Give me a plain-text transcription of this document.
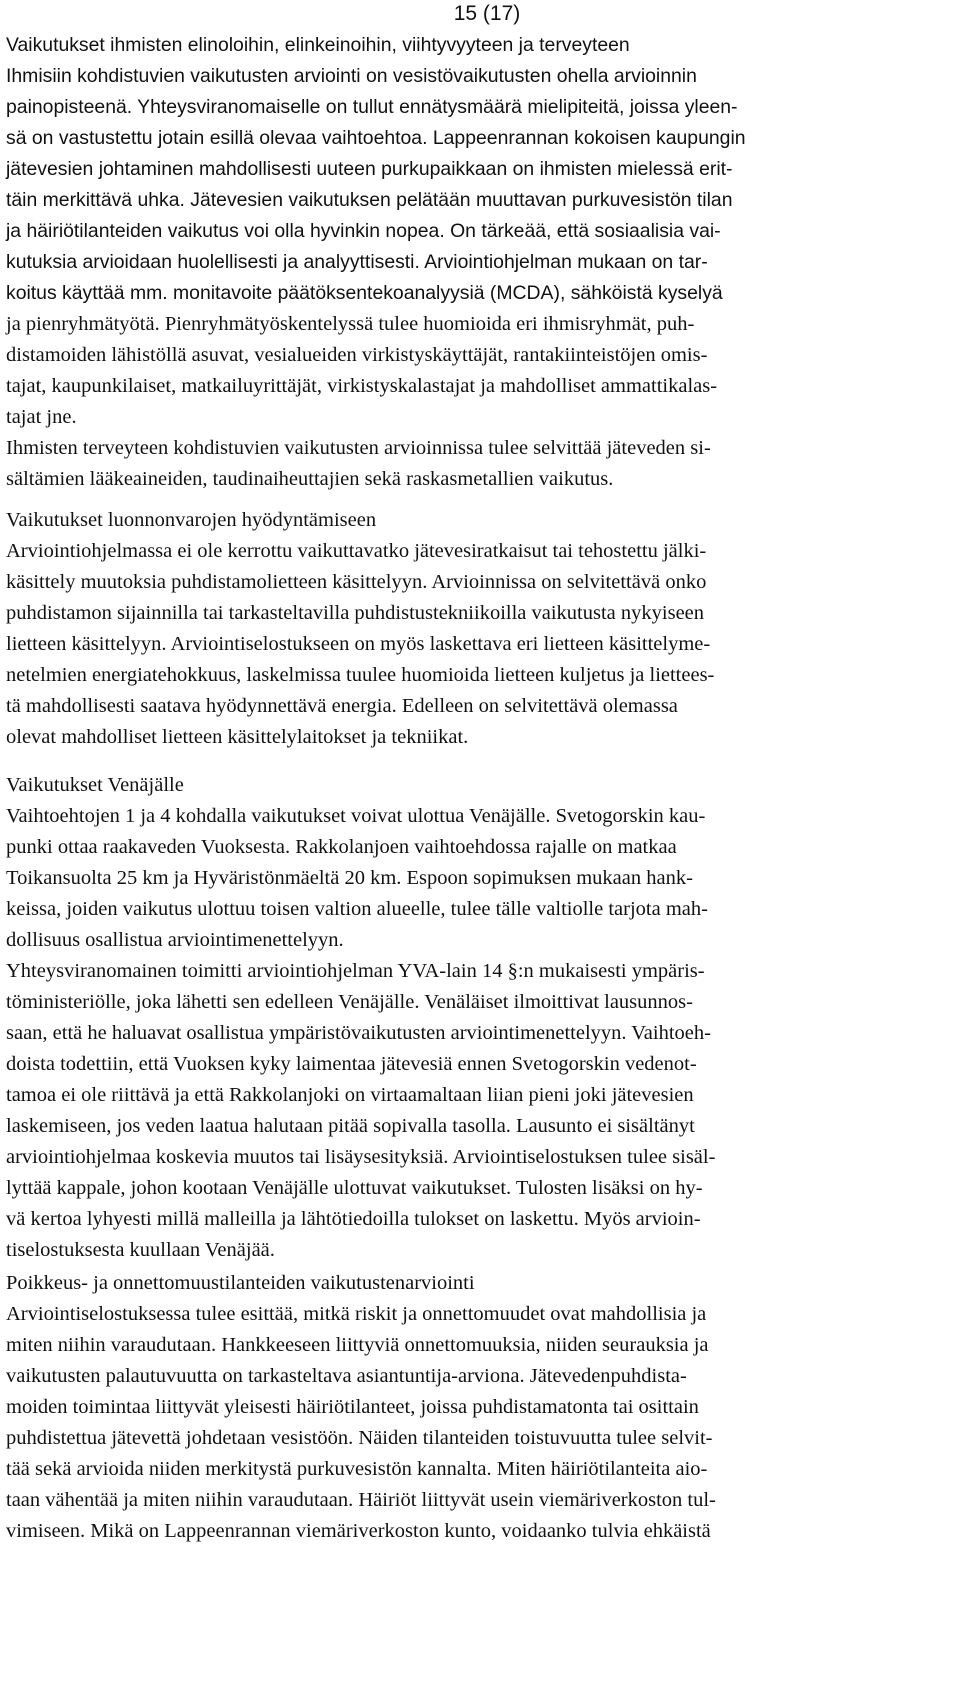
15 (17)
Vaikutukset ihmisten elinoloihin, elinkeinoihin, viihtyvyyteen ja terveyteen
Ihmisiin kohdistuvien vaikutusten arviointi on vesistövaikutusten ohella arvioinnin
painopisteenä. Yhteysviranomaiselle on tullut ennätysmäärä mielipiteitä, joissa yleen-
sä on vastustettu jotain esillä olevaa vaihtoehtoa. Lappeenrannan kokoisen kaupungin
jätevesien johtaminen mahdollisesti uuteen purkupaikkaan on ihmisten mielessä erit-
täin merkittävä uhka. Jätevesien vaikutuksen pelätään muuttavan purkuvesistön tilan
ja häiriötilanteiden vaikutus voi olla hyvinkin nopea. On tärkeää, että sosiaalisia vai-
kutuksia arvioidaan huolellisesti ja analyyttisesti. Arviointiohjelman mukaan on tar-
koitus käyttää mm. monitavoite päätöksentekoanalyysiä (MCDA), sähköistä kyselyä
ja pienryhmätyötä. Pienryhmätyöskentelyssä tulee huomioida eri ihmisryhmät, puh-
distamoiden lähistöllä asuvat, vesialueiden virkistyskäyttäjät, rantakiinteistöjen omis-
tajat, kaupunkilaiset, matkailuyrittäjät, virkistyskalastajat ja mahdolliset ammattikalas-
tajat jne.
Ihmisten terveyteen kohdistuvien vaikutusten arvioinnissa tulee selvittää jäteveden si-
sältämien lääkeaineiden, taudinaiheuttajien sekä raskasmetallien vaikutus.
Vaikutukset luonnonvarojen hyödyntämiseen
Arviointiohjelmassa ei ole kerrottu vaikuttavatko jätevesiratkaisut tai tehostettu jälki-
käsittely muutoksia puhdistamolietteen käsittelyyn. Arvioinnissa on selvitettävä onko
puhdistamon sijainnilla tai tarkasteltavilla puhdistustekniikoilla vaikutusta nykyiseen
lietteen käsittelyyn. Arviointiselostukseen on myös laskettava eri lietteen käsittelyme-
netelmien energiatehokkuus, laskelmissa tuulee huomioida lietteen kuljetus ja liettees-
tä mahdollisesti saatava hyödynnettävä energia. Edelleen on selvitettävä olemassa
olevat mahdolliset lietteen käsittelylaitokset ja tekniikat.
Vaikutukset Venäjälle
Vaihtoehtojen 1 ja 4 kohdalla vaikutukset voivat ulottua Venäjälle. Svetogorskin kau-
punki ottaa raakaveden Vuoksesta. Rakkolanjoen vaihtoehdossa rajalle on matkaa
Toikansuolta 25 km ja Hyväristönmäeltä 20 km. Espoon sopimuksen mukaan hank-
keissa, joiden vaikutus ulottuu toisen valtion alueelle, tulee tälle valtiolle tarjota mah-
dollisuus osallistua arviointimenettelyyn.
Yhteysviranomainen toimitti arviointiohjelman YVA-lain 14 §:n mukaisesti ympäris-
töministeriölle, joka lähetti sen edelleen Venäjälle. Venäläiset ilmoittivat lausunnos-
saan, että he haluavat osallistua ympäristövaikutusten arviointimenettelyyn. Vaihtoeh-
doista todettiin, että Vuoksen kyky laimentaa jätevesiä ennen Svetogorskin vedenot-
tamoa ei ole riittävä ja että Rakkolanjoki on virtaamaltaan liian pieni joki jätevesien
laskemiseen, jos veden laatua halutaan pitää sopivalla tasolla. Lausunto ei sisältänyt
arviointiohjelmaa koskevia muutos tai lisäysesityksiä. Arviointiselostuksen tulee sisäl-
lyttää kappale, johon kootaan Venäjälle ulottuvat vaikutukset. Tulosten lisäksi on hy-
vä kertoa lyhyesti millä malleilla ja lähtötiedoilla tulokset on laskettu. Myös arvioin-
tiselostuksesta kuullaan Venäjää.
Poikkeus- ja onnettomuustilanteiden vaikutustenarviointi
Arviointiselostuksessa tulee esittää, mitkä riskit ja onnettomuudet ovat mahdollisia ja
miten niihin varaudutaan. Hankkeeseen liittyviä onnettomuuksia, niiden seurauksia ja
vaikutusten palautuvuutta on tarkasteltava asiantuntija-arviona. Jätevedenpuhdista-
moiden toimintaa liittyvät yleisesti häiriötilanteet, joissa puhdistamatonta tai osittain
puhdistettua jätevettä johdetaan vesistöön. Näiden tilanteiden toistuvuutta tulee selvit-
tää sekä arvioida niiden merkitystä purkuvesistön kannalta. Miten häiriötilanteita aio-
taan vähentää ja miten niihin varaudutaan. Häiriöt liittyvät usein viemäriverkoston tul-
vimiseen. Mikä on Lappeenrannan viemäriverkoston kunto, voidaanko tulvia ehkäistä
